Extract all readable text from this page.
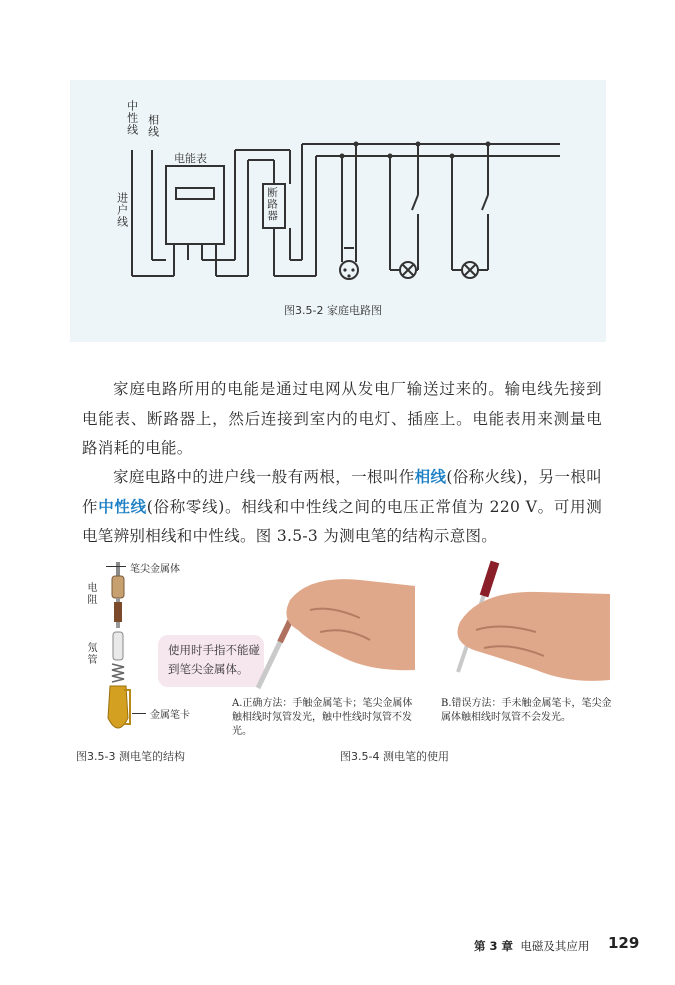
中性线 相线
电能表
进户线	断路器
图3.5-2 家庭电路图

家庭电路所用的电能是通过电网从发电厂输送过来的。输电线先接到电能表、断路器上，然后连接到室内的电灯、插座上。电能表用来测量电路消耗的电能。

家庭电路中的进户线一般有两根，一根叫作相线(俗称火线)，另一根叫作中性线(俗称零线)。相线和中性线之间的电压正常值为 220 V。可用测电笔辨别相线和中性线。图 3.5-3 为测电笔的结构示意图。

笔尖金属体
电阻
氖管
金属笔卡
使用时手指不能碰到笔尖金属体。
图3.5-3 测电笔的结构
A.正确方法：手触金属笔卡；笔尖金属体触相线时氖管发光，触中性线时氖管不发光。
B.错误方法：手未触金属笔卡，笔尖金属体触相线时氖管不会发光。
图3.5-4 测电笔的使用
第 3 章 电磁及其应用 129
